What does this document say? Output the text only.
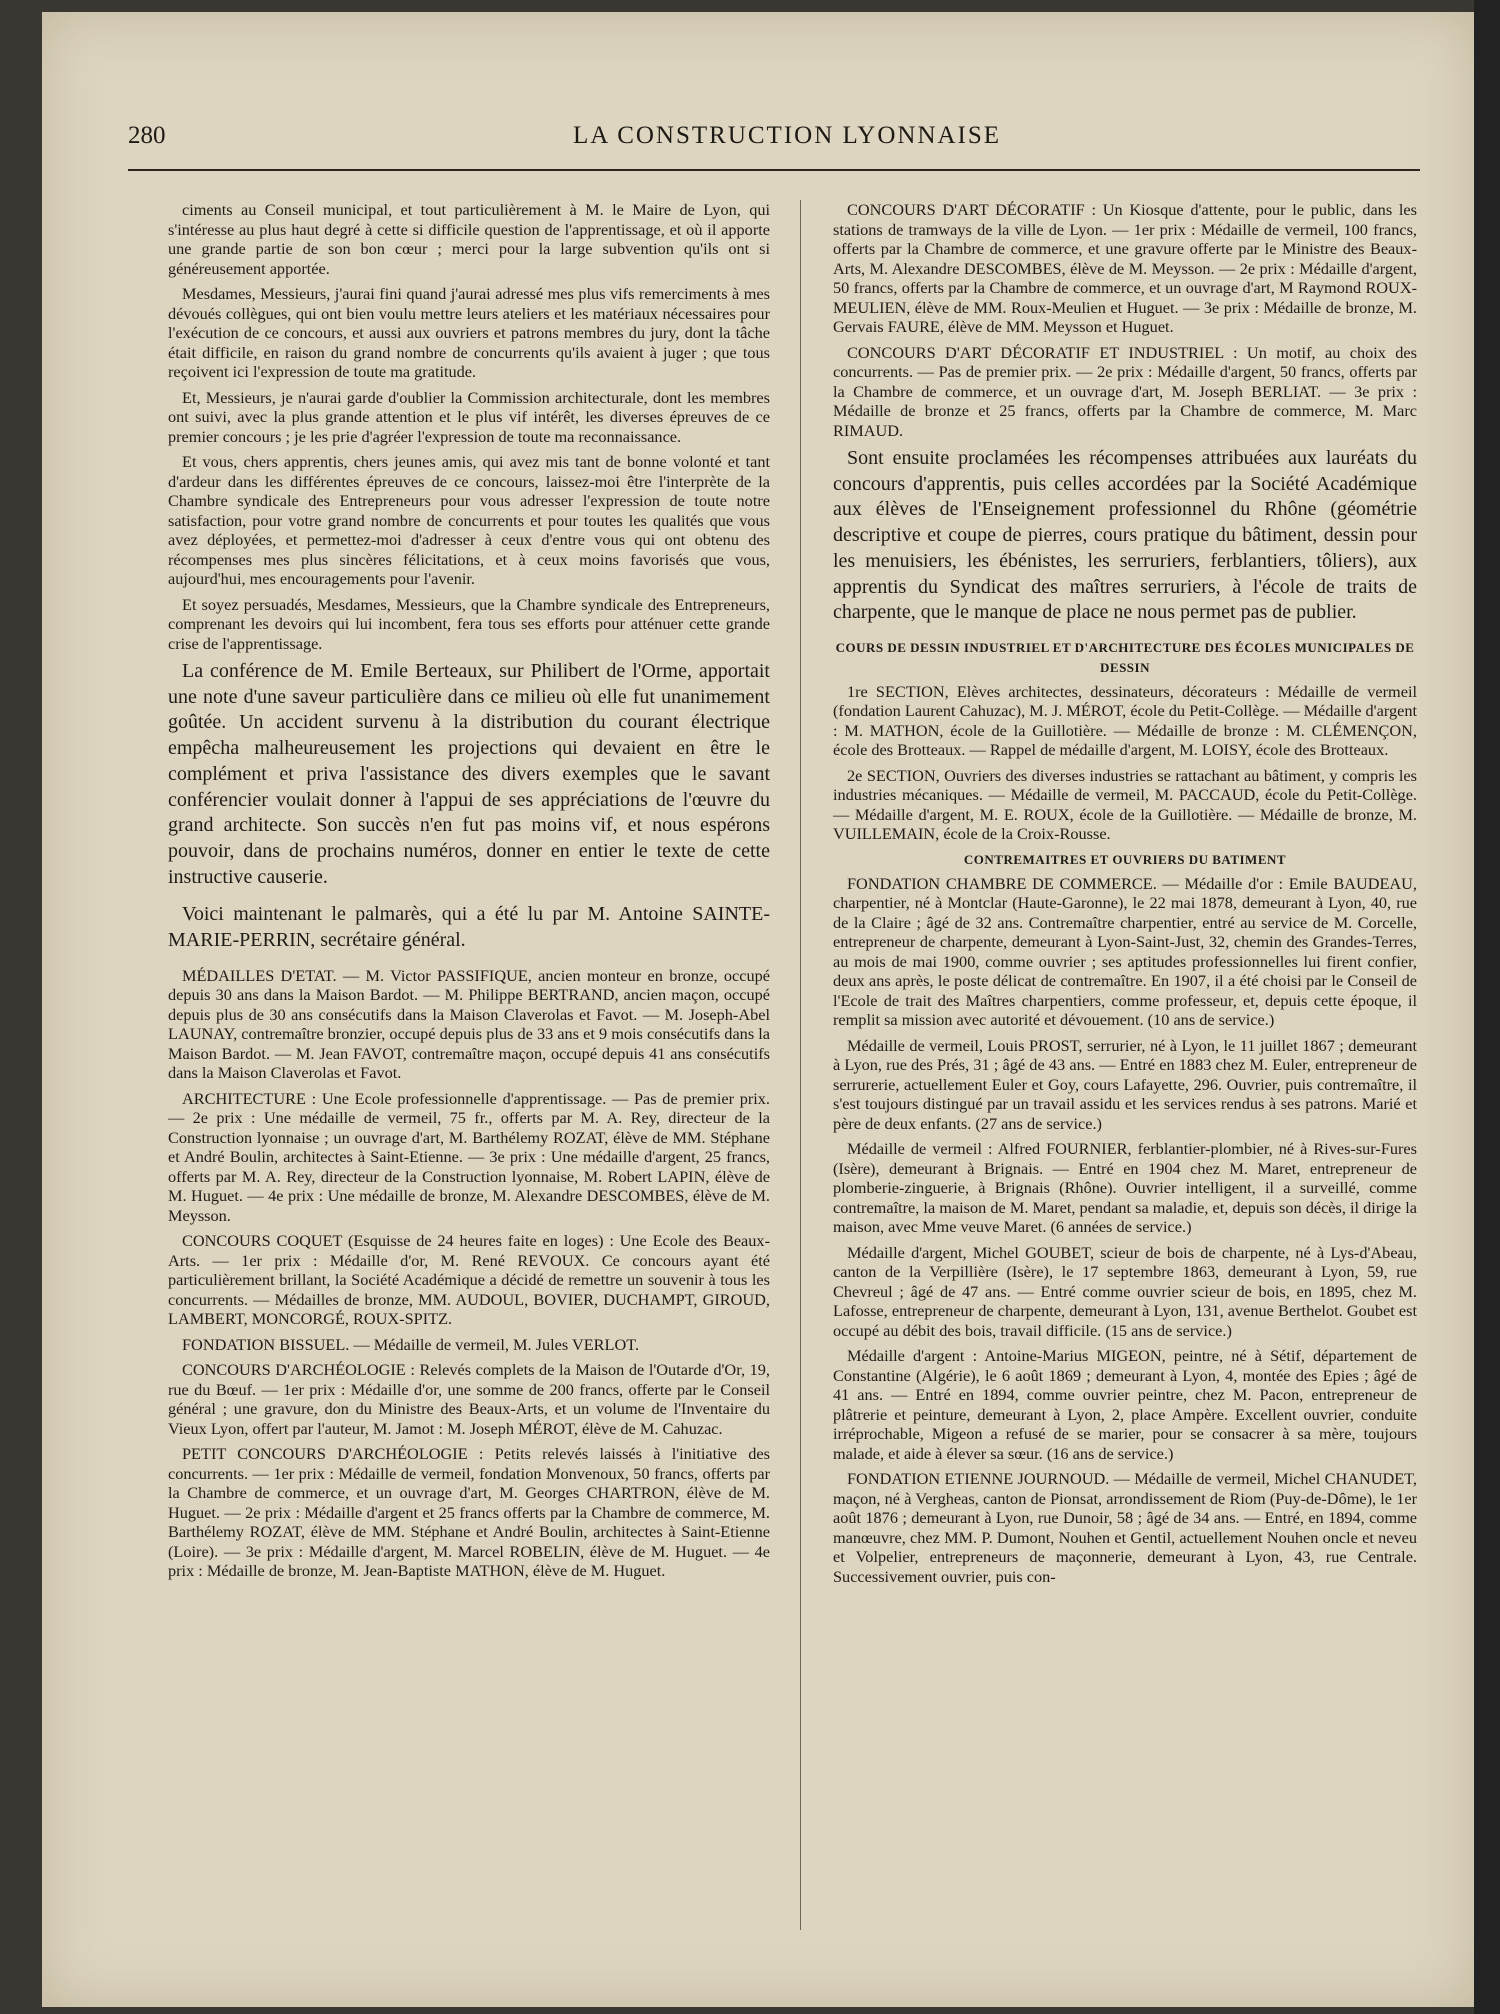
280	LA CONSTRUCTION LYONNAISE

ciments au Conseil municipal, et tout particulièrement à M. le Maire de Lyon, qui s'intéresse au plus haut degré à cette si difficile question de l'apprentissage, et où il apporte une grande partie de son bon cœur ; merci pour la large subvention qu'ils ont si généreusement apportée.

Mesdames, Messieurs, j'aurai fini quand j'aurai adressé mes plus vifs remerciments à mes dévoués collègues, qui ont bien voulu mettre leurs ateliers et les matériaux nécessaires pour l'exécution de ce concours, et aussi aux ouvriers et patrons membres du jury, dont la tâche était difficile, en raison du grand nombre de concurrents qu'ils avaient à juger ; que tous reçoivent ici l'expression de toute ma gratitude.

Et, Messieurs, je n'aurai garde d'oublier la Commission architecturale, dont les membres ont suivi, avec la plus grande attention et le plus vif intérêt, les diverses épreuves de ce premier concours ; je les prie d'agréer l'expression de toute ma reconnaissance.

Et vous, chers apprentis, chers jeunes amis, qui avez mis tant de bonne volonté et tant d'ardeur dans les différentes épreuves de ce concours, laissez-moi être l'interprète de la Chambre syndicale des Entrepreneurs pour vous adresser l'expression de toute notre satisfaction, pour votre grand nombre de concurrents et pour toutes les qualités que vous avez déployées, et permettez-moi d'adresser à ceux d'entre vous qui ont obtenu des récompenses mes plus sincères félicitations, et à ceux moins favorisés que vous, aujourd'hui, mes encouragements pour l'avenir.

Et soyez persuadés, Mesdames, Messieurs, que la Chambre syndicale des Entrepreneurs, comprenant les devoirs qui lui incombent, fera tous ses efforts pour atténuer cette grande crise de l'apprentissage.

La conférence de M. Emile Berteaux, sur Philibert de l'Orme, apportait une note d'une saveur particulière dans ce milieu où elle fut unanimement goûtée. Un accident survenu à la distribution du courant électrique empêcha malheureusement les projections qui devaient en être le complément et priva l'assistance des divers exemples que le savant conférencier voulait donner à l'appui de ses appréciations de l'œuvre du grand architecte. Son succès n'en fut pas moins vif, et nous espérons pouvoir, dans de prochains numéros, donner en entier le texte de cette instructive causerie.

Voici maintenant le palmarès, qui a été lu par M. Antoine SAINTE-MARIE-PERRIN, secrétaire général.

MÉDAILLES D'ETAT. — M. Victor PASSIFIQUE, ancien monteur en bronze, occupé depuis 30 ans dans la Maison Bardot. — M. Philippe BERTRAND, ancien maçon, occupé depuis plus de 30 ans consécutifs dans la Maison Claverolas et Favot. — M. Joseph-Abel LAUNAY, contremaître bronzier, occupé depuis plus de 33 ans et 9 mois consécutifs dans la Maison Bardot. — M. Jean FAVOT, contremaître maçon, occupé depuis 41 ans consécutifs dans la Maison Claverolas et Favot.

ARCHITECTURE : Une Ecole professionnelle d'apprentissage. — Pas de premier prix. — 2e prix : Une médaille de vermeil, 75 fr., offerts par M. A. Rey, directeur de la Construction lyonnaise ; un ouvrage d'art, M. Barthélemy ROZAT, élève de MM. Stéphane et André Boulin, architectes à Saint-Etienne. — 3e prix : Une médaille d'argent, 25 francs, offerts par M. A. Rey, directeur de la Construction lyonnaise, M. Robert LAPIN, élève de M. Huguet. — 4e prix : Une médaille de bronze, M. Alexandre DESCOMBES, élève de M. Meysson.

CONCOURS COQUET (Esquisse de 24 heures faite en loges) : Une Ecole des Beaux-Arts. — 1er prix : Médaille d'or, M. René REVOUX. Ce concours ayant été particulièrement brillant, la Société Académique a décidé de remettre un souvenir à tous les concurrents. — Médailles de bronze, MM. AUDOUL, BOVIER, DUCHAMPT, GIROUD, LAMBERT, MONCORGÉ, ROUX-SPITZ.

FONDATION BISSUEL. — Médaille de vermeil, M. Jules VERLOT.

CONCOURS D'ARCHÉOLOGIE : Relevés complets de la Maison de l'Outarde d'Or, 19, rue du Bœuf. — 1er prix : Médaille d'or, une somme de 200 francs, offerte par le Conseil général ; une gravure, don du Ministre des Beaux-Arts, et un volume de l'Inventaire du Vieux Lyon, offert par l'auteur, M. Jamot : M. Joseph MÉROT, élève de M. Cahuzac.

PETIT CONCOURS D'ARCHÉOLOGIE : Petits relevés laissés à l'initiative des concurrents. — 1er prix : Médaille de vermeil, fondation Monvenoux, 50 francs, offerts par la Chambre de commerce, et un ouvrage d'art, M. Georges CHARTRON, élève de M. Huguet. — 2e prix : Médaille d'argent et 25 francs offerts par la Chambre de commerce, M. Barthélemy ROZAT, élève de MM. Stéphane et André Boulin, architectes à Saint-Etienne (Loire). — 3e prix : Médaille d'argent, M. Marcel ROBELIN, élève de M. Huguet. — 4e prix : Médaille de bronze, M. Jean-Baptiste MATHON, élève de M. Huguet.

CONCOURS D'ART DÉCORATIF : Un Kiosque d'attente, pour le public, dans les stations de tramways de la ville de Lyon. — 1er prix : Médaille de vermeil, 100 francs, offerts par la Chambre de commerce, et une gravure offerte par le Ministre des Beaux-Arts, M. Alexandre DESCOMBES, élève de M. Meysson. — 2e prix : Médaille d'argent, 50 francs, offerts par la Chambre de commerce, et un ouvrage d'art, M Raymond ROUX-MEULIEN, élève de MM. Roux-Meulien et Huguet. — 3e prix : Médaille de bronze, M. Gervais FAURE, élève de MM. Meysson et Huguet.

CONCOURS D'ART DÉCORATIF ET INDUSTRIEL : Un motif, au choix des concurrents. — Pas de premier prix. — 2e prix : Médaille d'argent, 50 francs, offerts par la Chambre de commerce, et un ouvrage d'art, M. Joseph BERLIAT. — 3e prix : Médaille de bronze et 25 francs, offerts par la Chambre de commerce, M. Marc RIMAUD.

Sont ensuite proclamées les récompenses attribuées aux lauréats du concours d'apprentis, puis celles accordées par la Société Académique aux élèves de l'Enseignement professionnel du Rhône (géométrie descriptive et coupe de pierres, cours pratique du bâtiment, dessin pour les menuisiers, les ébénistes, les serruriers, ferblantiers, tôliers), aux apprentis du Syndicat des maîtres serruriers, à l'école de traits de charpente, que le manque de place ne nous permet pas de publier.

COURS DE DESSIN INDUSTRIEL ET D'ARCHITECTURE DES ÉCOLES MUNICIPALES DE DESSIN

1re SECTION, Elèves architectes, dessinateurs, décorateurs : Médaille de vermeil (fondation Laurent Cahuzac), M. J. MÉROT, école du Petit-Collège. — Médaille d'argent : M. MATHON, école de la Guillotière. — Médaille de bronze : M. CLÉMENÇON, école des Brotteaux. — Rappel de médaille d'argent, M. LOISY, école des Brotteaux.

2e SECTION, Ouvriers des diverses industries se rattachant au bâtiment, y compris les industries mécaniques. — Médaille de vermeil, M. PACCAUD, école du Petit-Collège. — Médaille d'argent, M. E. ROUX, école de la Guillotière. — Médaille de bronze, M. VUILLEMAIN, école de la Croix-Rousse.

CONTREMAITRES ET OUVRIERS DU BATIMENT

FONDATION CHAMBRE DE COMMERCE. — Médaille d'or : Emile BAUDEAU, charpentier, né à Montclar (Haute-Garonne), le 22 mai 1878, demeurant à Lyon, 40, rue de la Claire ; âgé de 32 ans. Contremaître charpentier, entré au service de M. Corcelle, entrepreneur de charpente, demeurant à Lyon-Saint-Just, 32, chemin des Grandes-Terres, au mois de mai 1900, comme ouvrier ; ses aptitudes professionnelles lui firent confier, deux ans après, le poste délicat de contremaître. En 1907, il a été choisi par le Conseil de l'Ecole de trait des Maîtres charpentiers, comme professeur, et, depuis cette époque, il remplit sa mission avec autorité et dévouement. (10 ans de service.)

Médaille de vermeil, Louis PROST, serrurier, né à Lyon, le 11 juillet 1867 ; demeurant à Lyon, rue des Prés, 31 ; âgé de 43 ans. — Entré en 1883 chez M. Euler, entrepreneur de serrurerie, actuellement Euler et Goy, cours Lafayette, 296. Ouvrier, puis contremaître, il s'est toujours distingué par un travail assidu et les services rendus à ses patrons. Marié et père de deux enfants. (27 ans de service.)

Médaille de vermeil : Alfred FOURNIER, ferblantier-plombier, né à Rives-sur-Fures (Isère), demeurant à Brignais. — Entré en 1904 chez M. Maret, entrepreneur de plomberie-zinguerie, à Brignais (Rhône). Ouvrier intelligent, il a surveillé, comme contremaître, la maison de M. Maret, pendant sa maladie, et, depuis son décès, il dirige la maison, avec Mme veuve Maret. (6 années de service.)

Médaille d'argent, Michel GOUBET, scieur de bois de charpente, né à Lys-d'Abeau, canton de la Verpillière (Isère), le 17 septembre 1863, demeurant à Lyon, 59, rue Chevreul ; âgé de 47 ans. — Entré comme ouvrier scieur de bois, en 1895, chez M. Lafosse, entrepreneur de charpente, demeurant à Lyon, 131, avenue Berthelot. Goubet est occupé au débit des bois, travail difficile. (15 ans de service.)

Médaille d'argent : Antoine-Marius MIGEON, peintre, né à Sétif, département de Constantine (Algérie), le 6 août 1869 ; demeurant à Lyon, 4, montée des Epies ; âgé de 41 ans. — Entré en 1894, comme ouvrier peintre, chez M. Pacon, entrepreneur de plâtrerie et peinture, demeurant à Lyon, 2, place Ampère. Excellent ouvrier, conduite irréprochable, Migeon a refusé de se marier, pour se consacrer à sa mère, toujours malade, et aide à élever sa sœur. (16 ans de service.)

FONDATION ETIENNE JOURNOUD. — Médaille de vermeil, Michel CHANUDET, maçon, né à Vergheas, canton de Pionsat, arrondissement de Riom (Puy-de-Dôme), le 1er août 1876 ; demeurant à Lyon, rue Dunoir, 58 ; âgé de 34 ans. — Entré, en 1894, comme manœuvre, chez MM. P. Dumont, Nouhen et Gentil, actuellement Nouhen oncle et neveu et Volpelier, entrepreneurs de maçonnerie, demeurant à Lyon, 43, rue Centrale. Successivement ouvrier, puis con-
